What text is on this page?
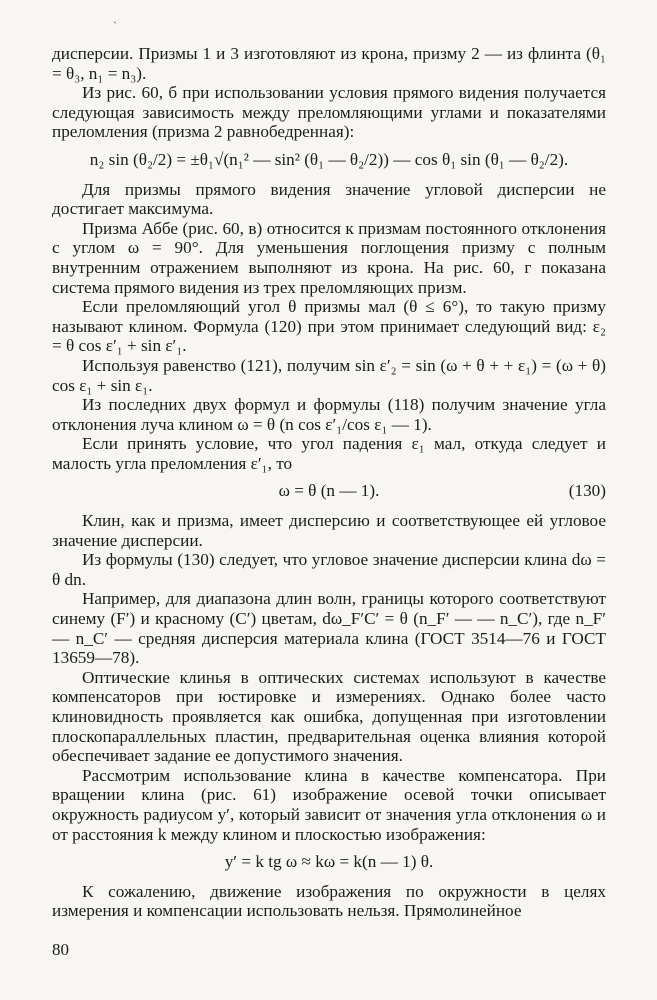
ˏ

дисперсии. Призмы 1 и 3 изготовляют из крона, призму 2 — из флинта (θ₁ = θ₃, n₁ = n₃).

Из рис. 60, б при использовании условия прямого видения получается следующая зависимость между преломляющими углами и показателями преломления (призма 2 равнобедренная):

n₂ sin (θ₂/2) = ±θ₁√(n₁² — sin² (θ₁ — θ₂/2)) — cos θ₁ sin (θ₁ — θ₂/2).

Для призмы прямого видения значение угловой дисперсии не достигает максимума.

Призма Аббе (рис. 60, в) относится к призмам постоянного отклонения с углом ω = 90°. Для уменьшения поглощения призму с полным внутренним отражением выполняют из крона. На рис. 60, г показана система прямого видения из трех преломляющих призм.

Если преломляющий угол θ призмы мал (θ ≤ 6°), то такую призму называют клином. Формула (120) при этом принимает следующий вид: ε₂ = θ cos ε′₁ + sin ε′₁.

Используя равенство (121), получим sin ε′₂ = sin (ω + θ + + ε₁) = (ω + θ) cos ε₁ + sin ε₁.

Из последних двух формул и формулы (118) получим значение угла отклонения луча клином ω = θ (n cos ε′₁/cos ε₁ — 1).

Если принять условие, что угол падения ε₁ мал, откуда следует и малость угла преломления ε′₁, то

ω = θ (n — 1).	(130)

Клин, как и призма, имеет дисперсию и соответствующее ей угловое значение дисперсии.

Из формулы (130) следует, что угловое значение дисперсии клина dω = θ dn.

Например, для диапазона длин волн, границы которого соответствуют синему (F′) и красному (C′) цветам, dω_F′C′ = θ (n_F′ — — n_C′), где n_F′ — n_C′ — средняя дисперсия материала клина (ГОСТ 3514—76 и ГОСТ 13659—78).

Оптические клинья в оптических системах используют в качестве компенсаторов при юстировке и измерениях. Однако более часто клиновидность проявляется как ошибка, допущенная при изготовлении плоскопараллельных пластин, предварительная оценка влияния которой обеспечивает задание ее допустимого значения.

Рассмотрим использование клина в качестве компенсатора. При вращении клина (рис. 61) изображение осевой точки описывает окружность радиусом y′, который зависит от значения угла отклонения ω и от расстояния k между клином и плоскостью изображения:

y′ = k tg ω ≈ kω = k(n — 1) θ.

К сожалению, движение изображения по окружности в целях измерения и компенсации использовать нельзя. Прямолинейное

80
